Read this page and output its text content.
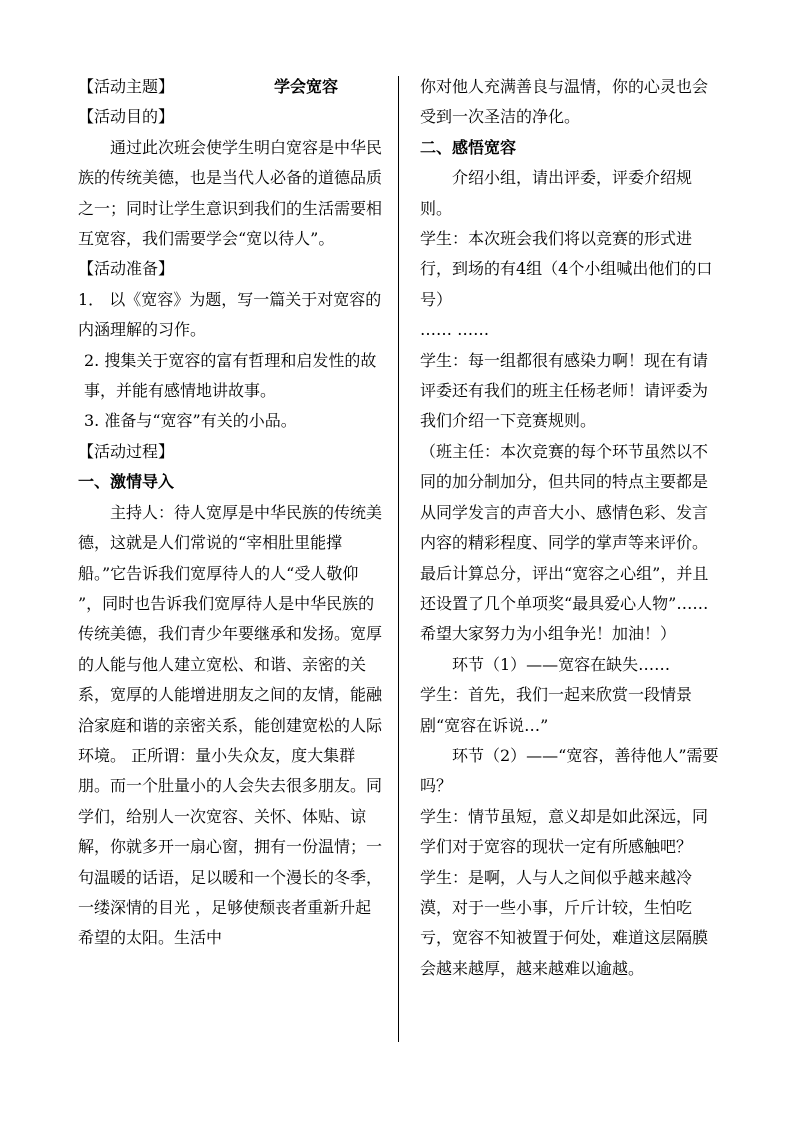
【活动主题】	学会宽容

【活动目的】

通过此次班会使学生明白宽容是中华民族的传统美德，也是当代人必备的道德品质之一；同时让学生意识到我们的生活需要相互宽容，我们需要学会“宽以待人”。

【活动准备】

1． 以《宽容》为题，写一篇关于对宽容的内涵理解的习作。

2. 搜集关于宽容的富有哲理和启发性的故事，并能有感情地讲故事。

3. 准备与“宽容”有关的小品。

【活动过程】

一、激情导入

主持人：待人宽厚是中华民族的传统美德，这就是人们常说的“宰相肚里能撑船。”它告诉我们宽厚待人的人“受人敬仰 ”，同时也告诉我们宽厚待人是中华民族的传统美德，我们青少年要继承和发扬。宽厚的人能与他人建立宽松、和谐、亲密的关系，宽厚的人能增进朋友之间的友情，能融洽家庭和谐的亲密关系，能创建宽松的人际环境。 正所谓：量小失众友，度大集群朋。而一个肚量小的人会失去很多朋友。同学们，给别人一次宽容、关怀、体贴、谅解，你就多开一扇心窗，拥有一份温情；一句温暖的话语，足以暖和一个漫长的冬季，一缕深情的目光 ，足够使颓丧者重新升起希望的太阳。生活中

你对他人充满善良与温情，你的心灵也会受到一次圣洁的净化。

二、感悟宽容

介绍小组，请出评委，评委介绍规则。

学生：本次班会我们将以竞赛的形式进行，到场的有4组（4个小组喊出他们的口号）

…… ……

学生：每一组都很有感染力啊！现在有请评委还有我们的班主任杨老师！请评委为我们介绍一下竞赛规则。

（班主任：本次竞赛的每个环节虽然以不同的加分制加分，但共同的特点主要都是从同学发言的声音大小、感情色彩、发言内容的精彩程度、同学的掌声等来评价。最后计算总分，评出“宽容之心组”，并且还设置了几个单项奖“最具爱心人物”……希望大家努力为小组争光！加油！）

环节（1）——宽容在缺失……

学生：首先，我们一起来欣赏一段情景剧“宽容在诉说…”

环节（2）——“宽容，善待他人”需要吗？

学生：情节虽短，意义却是如此深远，同学们对于宽容的现状一定有所感触吧？

学生：是啊，人与人之间似乎越来越冷漠，对于一些小事，斤斤计较，生怕吃亏，宽容不知被置于何处，难道这层隔膜会越来越厚，越来越难以逾越。
